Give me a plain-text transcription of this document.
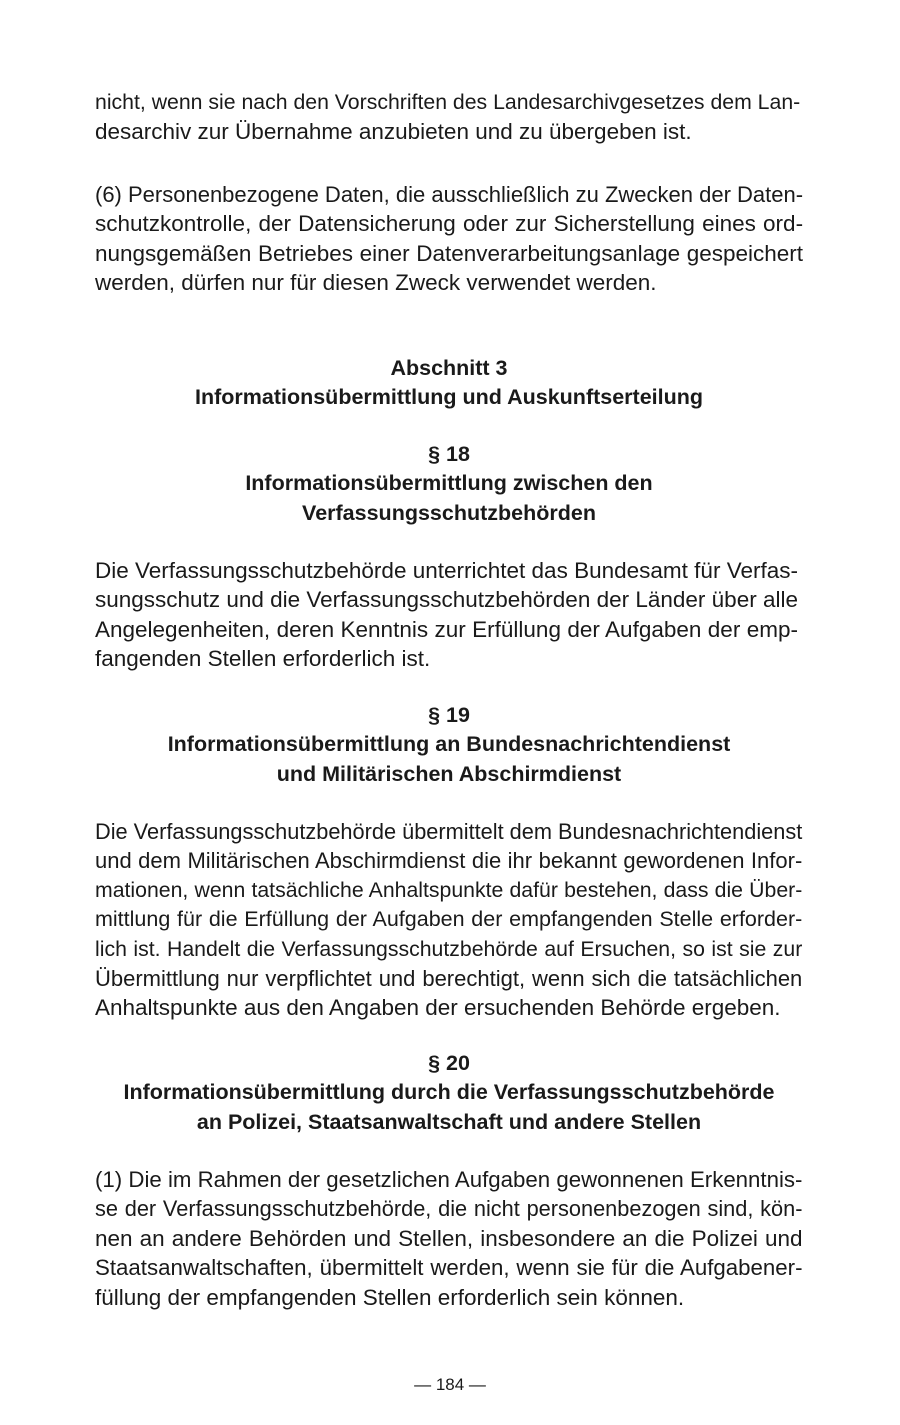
nicht, wenn sie nach den Vorschriften des Landesarchivgesetzes dem Lan-
desarchiv zur Übernahme anzubieten und zu übergeben ist.
(6) Personenbezogene Daten, die ausschließlich zu Zwecken der Daten-
schutzkontrolle, der Datensicherung oder zur Sicherstellung eines ord-
nungsgemäßen Betriebes einer Datenverarbeitungsanlage gespeichert
werden, dürfen nur für diesen Zweck verwendet werden.
Abschnitt 3
Informationsübermittlung und Auskunftserteilung
§ 18
Informationsübermittlung zwischen den
Verfassungsschutzbehörden
Die Verfassungsschutzbehörde unterrichtet das Bundesamt für Verfas-
sungsschutz und die Verfassungsschutzbehörden der Länder über alle
Angelegenheiten, deren Kenntnis zur Erfüllung der Aufgaben der emp-
fangenden Stellen erforderlich ist.
§ 19
Informationsübermittlung an Bundesnachrichtendienst
und Militärischen Abschirmdienst
Die Verfassungsschutzbehörde übermittelt dem Bundesnachrichtendienst
und dem Militärischen Abschirmdienst die ihr bekannt gewordenen Infor-
mationen, wenn tatsächliche Anhaltspunkte dafür bestehen, dass die Über-
mittlung für die Erfüllung der Aufgaben der empfangenden Stelle erforder-
lich ist. Handelt die Verfassungsschutzbehörde auf Ersuchen, so ist sie zur
Übermittlung nur verpflichtet und berechtigt, wenn sich die tatsächlichen
Anhaltspunkte aus den Angaben der ersuchenden Behörde ergeben.
§ 20
Informationsübermittlung durch die Verfassungsschutzbehörde
an Polizei, Staatsanwaltschaft und andere Stellen
(1) Die im Rahmen der gesetzlichen Aufgaben gewonnenen Erkenntnis-
se der Verfassungsschutzbehörde, die nicht personenbezogen sind, kön-
nen an andere Behörden und Stellen, insbesondere an die Polizei und
Staatsanwaltschaften, übermittelt werden, wenn sie für die Aufgabener-
füllung der empfangenden Stellen erforderlich sein können.
— 184 —
